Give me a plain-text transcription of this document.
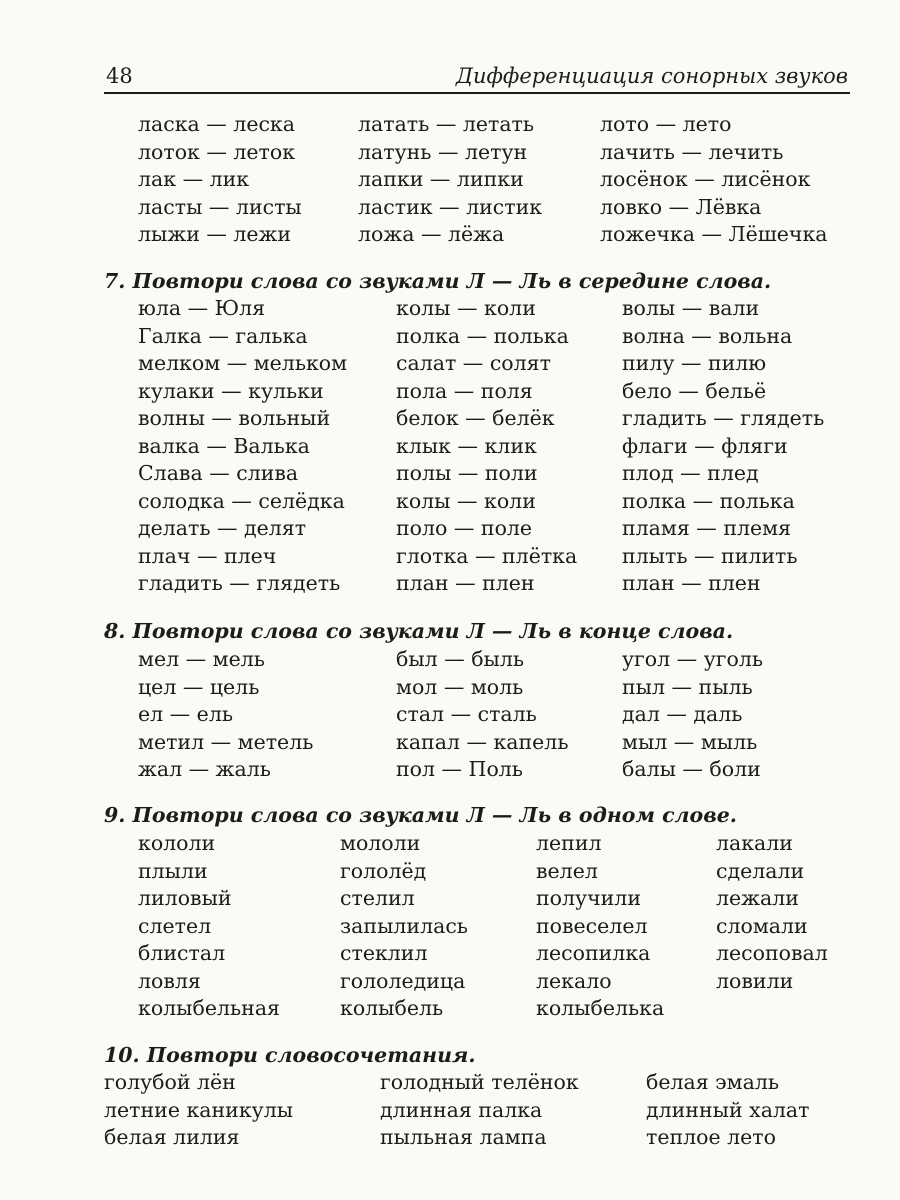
48	Дифференциация сонорных звуков
ласка — леска	латать — летать	лото — лето
лоток — леток	латунь — летун	лачить — лечить
лак — лик	лапки — липки	лосёнок — лисёнок
ласты — листы	ластик — листик	ловко — Лёвка
лыжи — лежи	ложа — лёжа	ложечка — Лёшечка
7. Повтори слова со звуками Л — Ль в середине слова.
юла — Юля	колы — коли	волы — вали
Галка — галька	полка — полька	волна — вольна
мелком — мельком салат — солят	пилу — пилю
кулаки — кульки	пола — поля	бело — бельё
волны — вольный	белок — белёк	гладить — глядеть
валка — Валька	клык — клик	флаги — фляги
Слава — слива	полы — поли	плод — плед
солодка — селёдка колы — коли	полка — полька
делать — делят	поло — поле	пламя — племя
плач — плеч	глотка — плётка плыть — пилить
гладить — глядеть	план — плен	план — плен
8. Повтори слова со звуками Л — Ль в конце слова.
мел — мель	был — быль	угол — уголь
цел — цель	мол — моль	пыл — пыль
ел — ель	стал — сталь	дал — даль
метил — метель	капал — капель	мыл — мыль
жал — жаль	пол — Поль	балы — боли
9. Повтори слова со звуками Л — Ль в одном слове.
кололи	мололи	лепил	лакали
плыли	гололёд	велел	сделали
лиловый	стелил	получили	лежали
слетел	запылилась	повеселел	сломали
блистал	стеклил	лесопилка	лесоповал
ловля	гололедица	лекало	ловили
колыбельная	колыбель	колыбелька
10. Повтори словосочетания.
голубой лён	голодный телёнок	белая эмаль
летние каникулы	длинная палка	длинный халат
белая лилия	пыльная лампа	теплое лето
